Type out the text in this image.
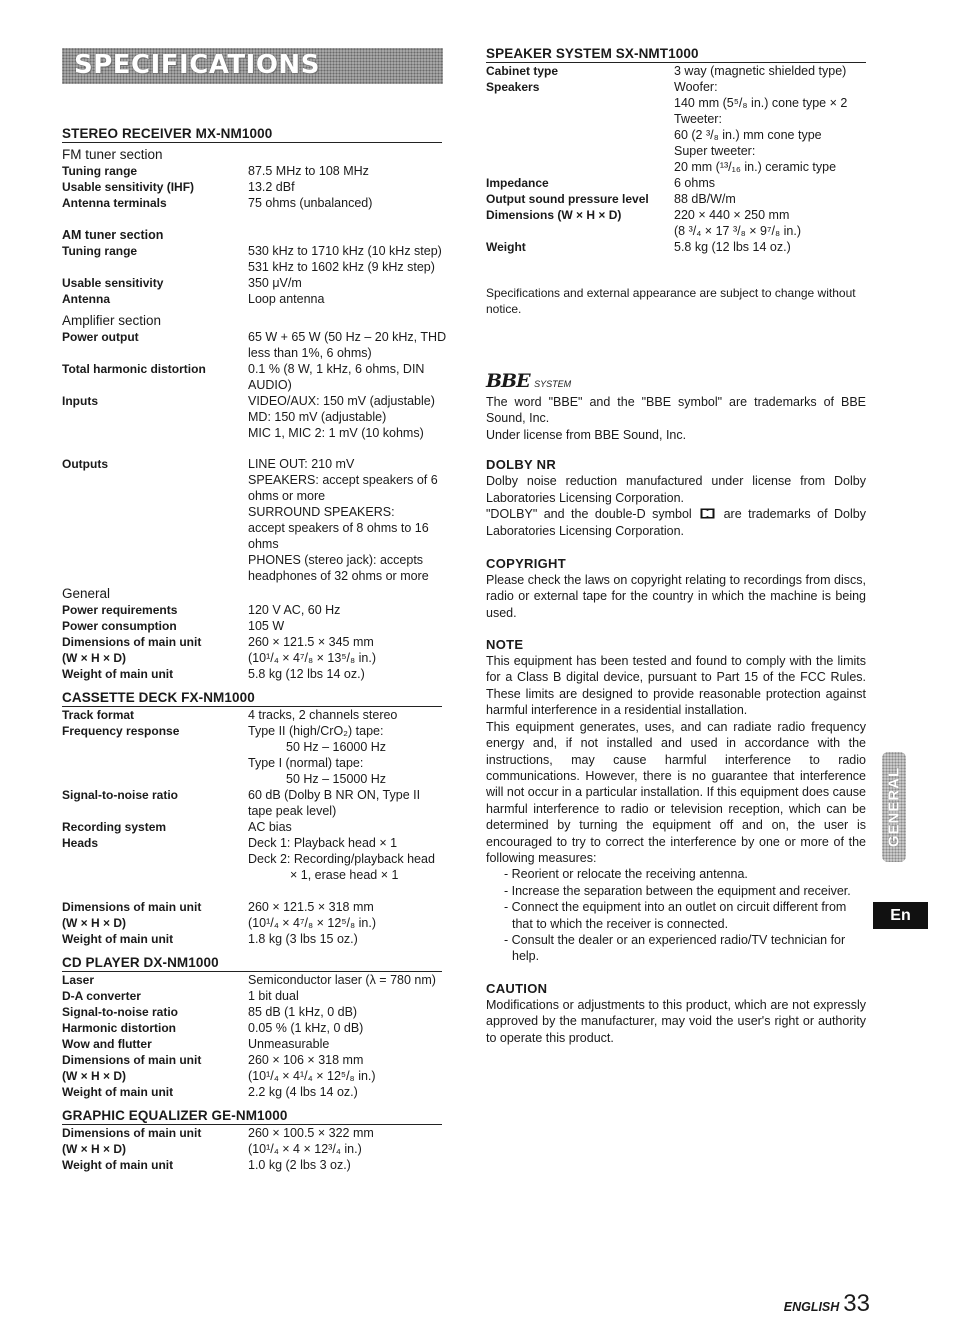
SPECIFICATIONS
STEREO RECEIVER MX-NM1000
FM tuner section
Tuning range	87.5 MHz to 108 MHz
Usable sensitivity (IHF)	13.2 dBf
Antenna terminals	75 ohms (unbalanced)
AM tuner section
Tuning range	530 kHz to 1710 kHz (10 kHz step)
531 kHz to 1602 kHz (9 kHz step)
Usable sensitivity	350 μV/m
Antenna	Loop antenna
Amplifier section
Power output	65 W + 65 W (50 Hz – 20 kHz, THD
less than 1%, 6 ohms)
Total harmonic distortion	0.1 % (8 W, 1 kHz, 6 ohms, DIN
AUDIO)
Inputs	VIDEO/AUX: 150 mV (adjustable)
MD: 150 mV (adjustable)
MIC 1, MIC 2: 1 mV (10 kohms)
Outputs	LINE OUT: 210 mV
SPEAKERS: accept speakers of 6
ohms or more
SURROUND SPEAKERS:
accept speakers of 8 ohms to 16
ohms
PHONES (stereo jack): accepts
headphones of 32 ohms or more
General
Power requirements	120 V AC, 60 Hz
Power consumption	105 W
Dimensions of main unit	260 × 121.5 × 345 mm
(W × H × D)	(10¹/₄ × 4⁷/₈ × 13⁵/₈ in.)
Weight of main unit	5.8 kg (12 lbs 14 oz.)
CASSETTE DECK FX-NM1000
Track format	4 tracks, 2 channels stereo
Frequency response	Type II (high/CrO₂) tape:
50 Hz – 16000 Hz
Type I (normal) tape:
50 Hz – 15000 Hz
Signal-to-noise ratio	60 dB (Dolby B NR ON, Type II
tape peak level)
Recording system	AC bias
Heads	Deck 1: Playback head × 1
Deck 2: Recording/playback head
× 1, erase head × 1
Dimensions of main unit	260 × 121.5 × 318 mm
(W × H × D)	(10¹/₄ × 4⁷/₈ × 12⁵/₈ in.)
Weight of main unit	1.8 kg (3 lbs 15 oz.)
CD PLAYER DX-NM1000
Laser	Semiconductor laser (λ = 780 nm)
D-A converter	1 bit dual
Signal-to-noise ratio	85 dB (1 kHz, 0 dB)
Harmonic distortion	0.05 % (1 kHz, 0 dB)
Wow and flutter	Unmeasurable
Dimensions of main unit	260 × 106 × 318 mm
(W × H × D)	(10¹/₄ × 4¹/₄ × 12⁵/₈ in.)
Weight of main unit	2.2 kg (4 lbs 14 oz.)
GRAPHIC EQUALIZER GE-NM1000
Dimensions of main unit	260 × 100.5 × 322 mm
(W × H × D)	(10¹/₄ × 4 × 12³/₄ in.)
Weight of main unit	1.0 kg (2 lbs 3 oz.)
SPEAKER SYSTEM SX-NMT1000
Cabinet type	3 way (magnetic shielded type)
Speakers	Woofer:
140 mm (5⁵/₈ in.) cone type × 2
Tweeter:
60 (2 ³/₈ in.) mm cone type
Super tweeter:
20 mm (¹³/₁₆ in.) ceramic type
Impedance	6 ohms
Output sound pressure level	88 dB/W/m
Dimensions (W × H × D)	220 × 440 × 250 mm
(8 ³/₄ × 17 ³/₈ × 9⁷/₈ in.)
Weight	5.8 kg (12 lbs 14 oz.)

Specifications and external appearance are subject to change without notice.

BBE SYSTEM

The word "BBE" and the "BBE symbol" are trademarks of BBE Sound, Inc.

Under license from BBE Sound, Inc.

DOLBY NR

Dolby noise reduction manufactured under license from Dolby Laboratories Licensing Corporation.

"DOLBY" and the double-D symbol	are trademarks of Dolby Laboratories Licensing Corporation.

COPYRIGHT

Please check the laws on copyright relating to recordings from discs, radio or external tape for the country in which the machine is being used.

NOTE

This equipment has been tested and found to comply with the limits for a Class B digital device, pursuant to Part 15 of the FCC Rules. These limits are designed to provide reasonable protection against harmful interference in a residential installation.

This equipment generates, uses, and can radiate radio frequency energy and, if not installed and used in accordance with the instructions, may cause harmful interference to radio communications. However, there is no guarantee that interference will not occur in a particular installation. If this equipment does cause harmful interference to radio or television reception, which can be determined by turning the equipment off and on, the user is encouraged to try to correct the interference by one or more of the following measures:

- Reorient or relocate the receiving antenna.
- Increase the separation between the equipment and receiver.
- Connect the equipment into an outlet on circuit different from that to which the receiver is connected.
- Consult the dealer or an experienced radio/TV technician for help.
CAUTION

Modifications or adjustments to this product, which are not expressly approved by the manufacturer, may void the user's right or authority to operate this product.

GENERAL
En
ENGLISH 33
